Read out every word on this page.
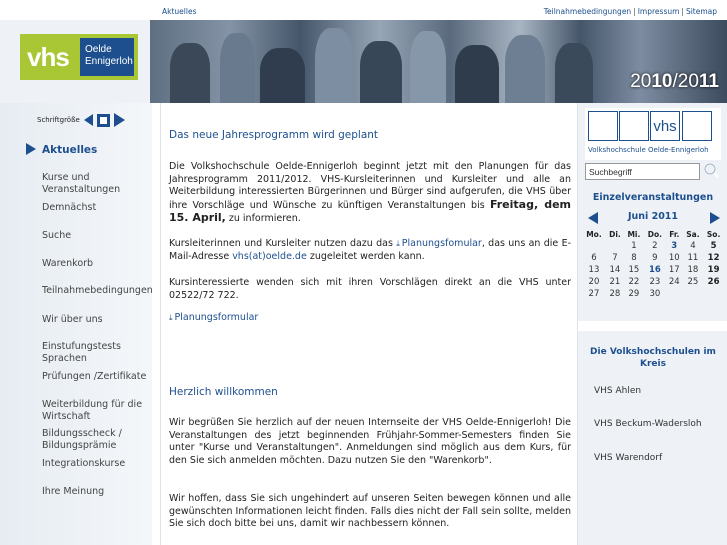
Aktuelles	Teilnahmebedingungen | Impressum | Sitemap
vhs Oelde
Ennigerloh
2010/2011
Schriftgröße
Aktuelles
Kurse und Veranstaltungen
Demnächst
Suche
Warenkorb
Teilnahmebedingungen
Wir über uns
Einstufungstests Sprachen
Prüfungen /Zertifikate
Weiterbildung für die Wirtschaft
Bildungsscheck / Bildungsprämie
Integrationskurse
Ihre Meinung
Das neue Jahresprogramm wird geplant

Die Volkshochschule Oelde-Ennigerloh beginnt jetzt mit den Planungen für das Jahresprogramm 2011/2012. VHS-Kursleiterinnen und Kursleiter und alle an Weiterbildung interessierten Bürgerinnen und Bürger sind aufgerufen, die VHS über ihre Vorschläge und Wünsche zu künftigen Veranstaltungen bis Freitag, dem 15. April, zu informieren.

Kursleiterinnen und Kursleiter nutzen dazu das ⤓ Planungsfomular, das uns an die E-Mail-Adresse vhs(at)oelde.de zugeleitet werden kann.

Kursinteressierte wenden sich mit ihren Vorschlägen direkt an die VHS unter 02522/72 722.

⤓ Planungsformular

Herzlich willkommen

Wir begrüßen Sie herzlich auf der neuen Internseite der VHS Oelde-Ennigerloh! Die Veranstaltungen des jetzt beginnenden Frühjahr-Sommer-Semesters finden Sie unter "Kurse und Veranstaltungen". Anmeldungen sind möglich aus dem Kurs, für den Sie sich anmelden möchten. Dazu nutzen Sie den "Warenkorb".

Wir hoffen, dass Sie sich ungehindert auf unseren Seiten bewegen können und alle gewünschten Informationen leicht finden. Falls dies nicht der Fall sein sollte, melden Sie sich doch bitte bei uns, damit wir nachbessern können.

vhs
Volkshochschule Oelde-Ennigerloh
Suchbegriff
Einzelveranstaltungen
Juni 2011
Mo.	Di.	Mi.	Do.	Fr.	Sa.	So.
		1	2	3	4	5
6	7	8	9	10	11	12
13	14	15	16	17	18	19
20	21	22	23	24	25	26
27	28	29	30			
Die Volkshochschulen im Kreis
VHS Ahlen
VHS Beckum-Wadersloh
VHS Warendorf
